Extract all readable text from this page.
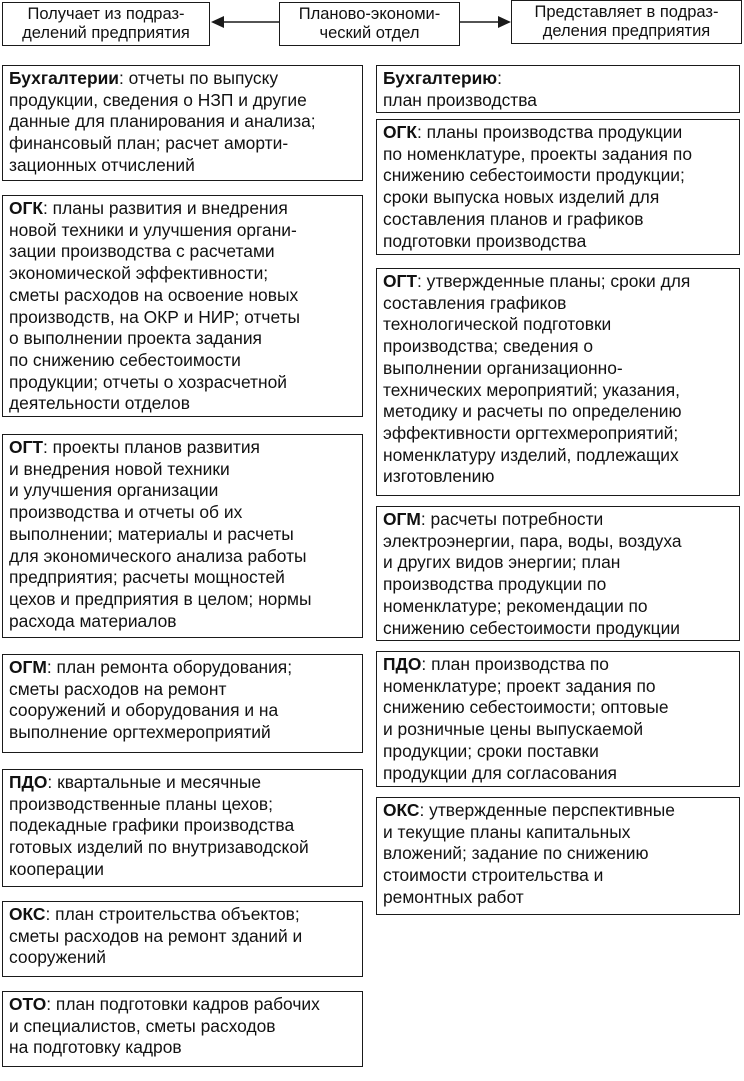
Получает из подраз-
делений предприятия
Планово-экономи-
ческий отдел
Представляет в подраз-
деления предприятия
Бухгалтерии: отчеты по выпуску
продукции, сведения о НЗП и другие
данные для планирования и анализа;
финансовый план; расчет аморти-
зационных отчислений
ОГК: планы развития и внедрения
новой техники и улучшения органи-
зации производства с расчетами
экономической эффективности;
сметы расходов на освоение новых
производств, на ОКР и НИР; отчеты
о выполнении проекта задания
по снижению себестоимости
продукции; отчеты о хозрасчетной
деятельности отделов
ОГТ: проекты планов развития
и внедрения новой техники
и улучшения организации
производства и отчеты об их
выполнении; материалы и расчеты
для экономического анализа работы
предприятия; расчеты мощностей
цехов и предприятия в целом; нормы
расхода материалов
ОГМ: план ремонта оборудования;
сметы расходов на ремонт
сооружений и оборудования и на
выполнение оргтехмероприятий
ПДО: квартальные и месячные
производственные планы цехов;
подекадные графики производства
готовых изделий по внутризаводской
кооперации
ОКС: план строительства объектов;
сметы расходов на ремонт зданий и
сооружений
ОТО: план подготовки кадров рабочих
и специалистов, сметы расходов
на подготовку кадров
Бухгалтерию:
план производства
ОГК: планы производства продукции
по номенклатуре, проекты задания по
снижению себестоимости продукции;
сроки выпуска новых изделий для
составления планов и графиков
подготовки производства
ОГТ: утвержденные планы; сроки для
составления графиков
технологической подготовки
производства; сведения о
выполнении организационно-
технических мероприятий; указания,
методику и расчеты по определению
эффективности оргтехмероприятий;
номенклатуру изделий, подлежащих
изготовлению
ОГМ: расчеты потребности
электроэнергии, пара, воды, воздуха
и других видов энергии; план
производства продукции по
номенклатуре; рекомендации по
снижению себестоимости продукции
ПДО: план производства по
номенклатуре; проект задания по
снижению себестоимости; оптовые
и розничные цены выпускаемой
продукции; сроки поставки
продукции для согласования
ОКС: утвержденные перспективные
и текущие планы капитальных
вложений; задание по снижению
стоимости строительства и
ремонтных работ
